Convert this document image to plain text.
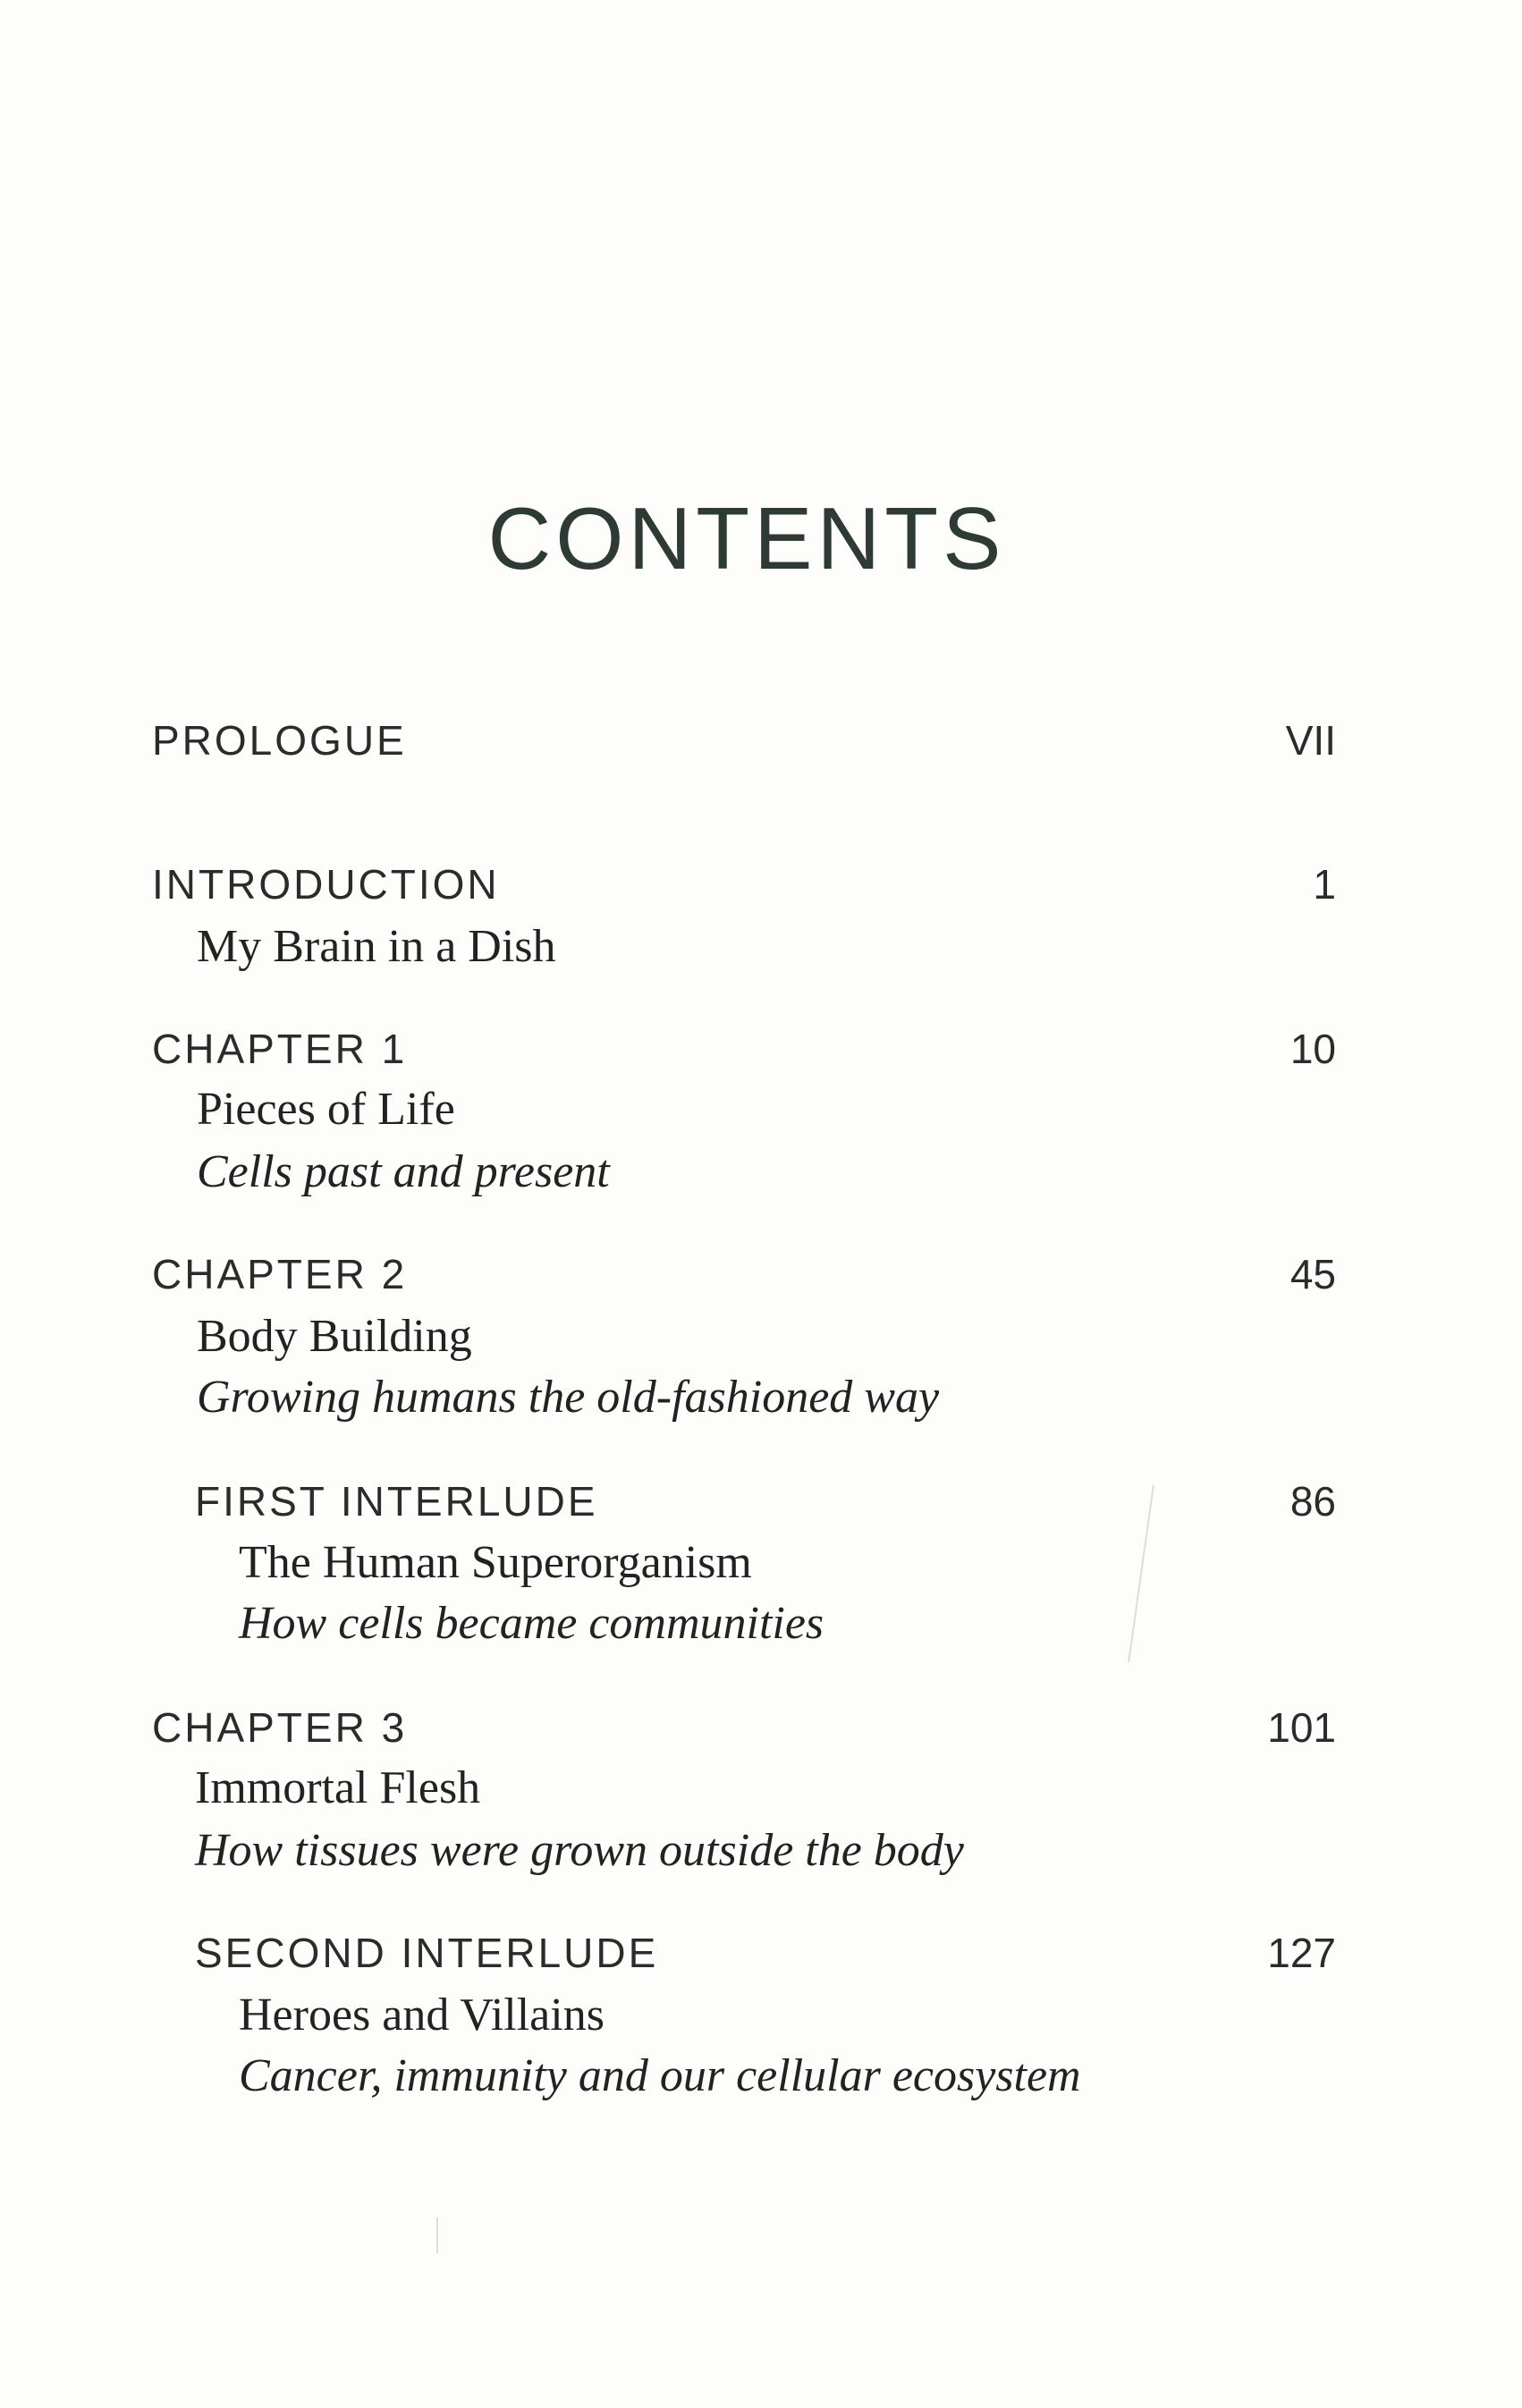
CONTENTS
PROLOGUE	VII
INTRODUCTION	1
My Brain in a Dish
CHAPTER 1	10
Pieces of Life
Cells past and present
CHAPTER 2	45
Body Building
Growing humans the old-fashioned way
FIRST INTERLUDE	86
The Human Superorganism
How cells became communities
CHAPTER 3	101
Immortal Flesh
How tissues were grown outside the body
SECOND INTERLUDE	127
Heroes and Villains
Cancer, immunity and our cellular ecosystem
